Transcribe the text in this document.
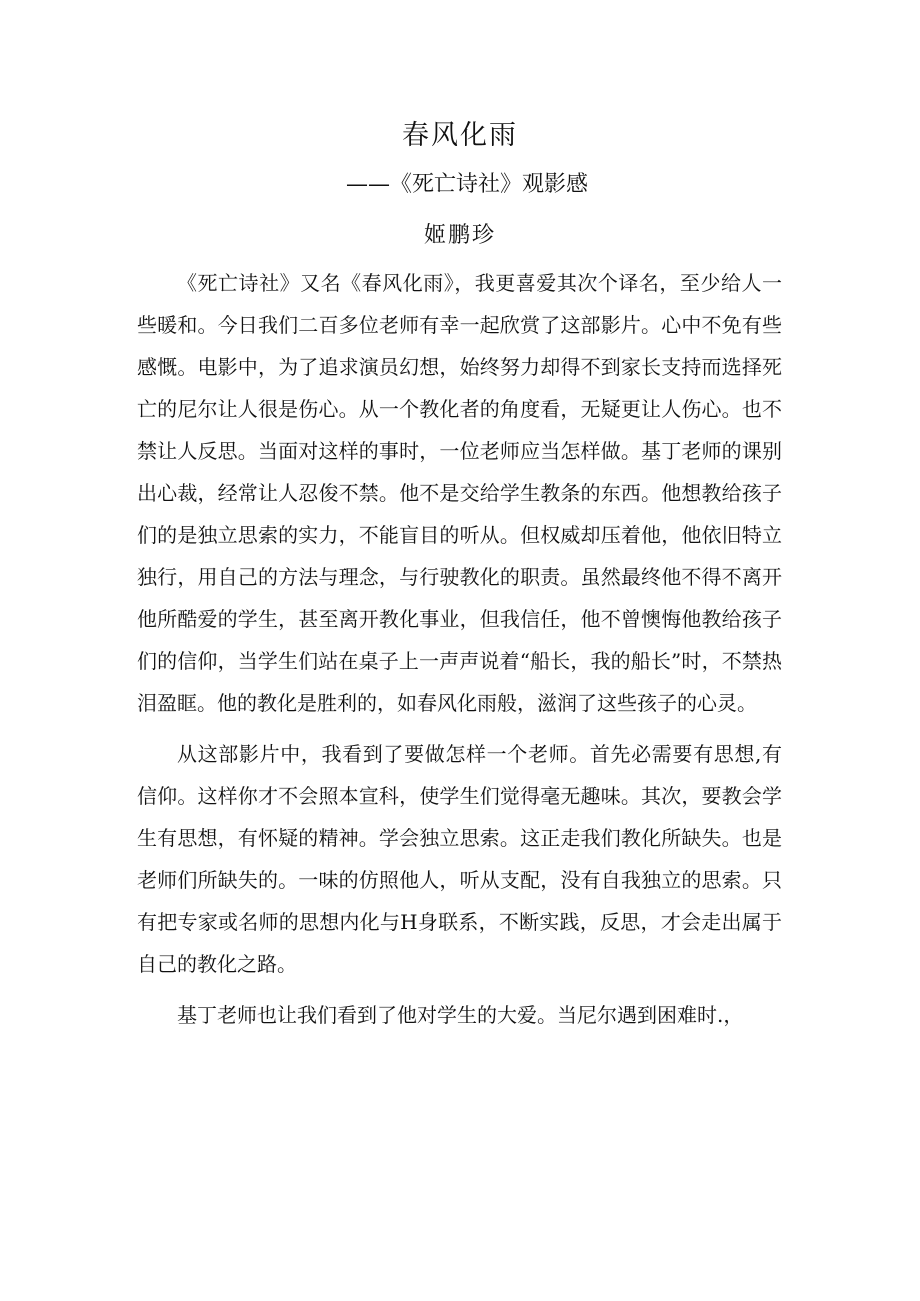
春风化雨
——《死亡诗社》观影感
姬鹏珍

《死亡诗社》又名《春风化雨》，我更喜爱其次个译名，至少给人一些暖和。今日我们二百多位老师有幸一起欣赏了这部影片。心中不免有些感慨。电影中，为了追求演员幻想，始终努力却得不到家长支持而选择死亡的尼尔让人很是伤心。从一个教化者的角度看，无疑更让人伤心。也不禁让人反思。当面对这样的事时，一位老师应当怎样做。基丁老师的课别出心裁，经常让人忍俊不禁。他不是交给学生教条的东西。他想教给孩子们的是独立思索的实力，不能盲目的听从。但权威却压着他，他依旧特立独行，用自己的方法与理念，与行驶教化的职责。虽然最终他不得不离开他所酷爱的学生，甚至离开教化事业，但我信任，他不曾懊悔他教给孩子们的信仰，当学生们站在桌子上一声声说着“船长，我的船长”时，不禁热泪盈眶。他的教化是胜利的，如春风化雨般，滋润了这些孩子的心灵。

从这部影片中，我看到了要做怎样一个老师。首先必需要有思想,有信仰。这样你才不会照本宣科，使学生们觉得毫无趣味。其次，要教会学生有思想，有怀疑的精神。学会独立思索。这正走我们教化所缺失。也是老师们所缺失的。一味的仿照他人，听从支配，没有自我独立的思索。只有把专家或名师的思想内化与H身联系，不断实践，反思，才会走出属于自己的教化之路。

基丁老师也让我们看到了他对学生的大爱。当尼尔遇到困难时.，
